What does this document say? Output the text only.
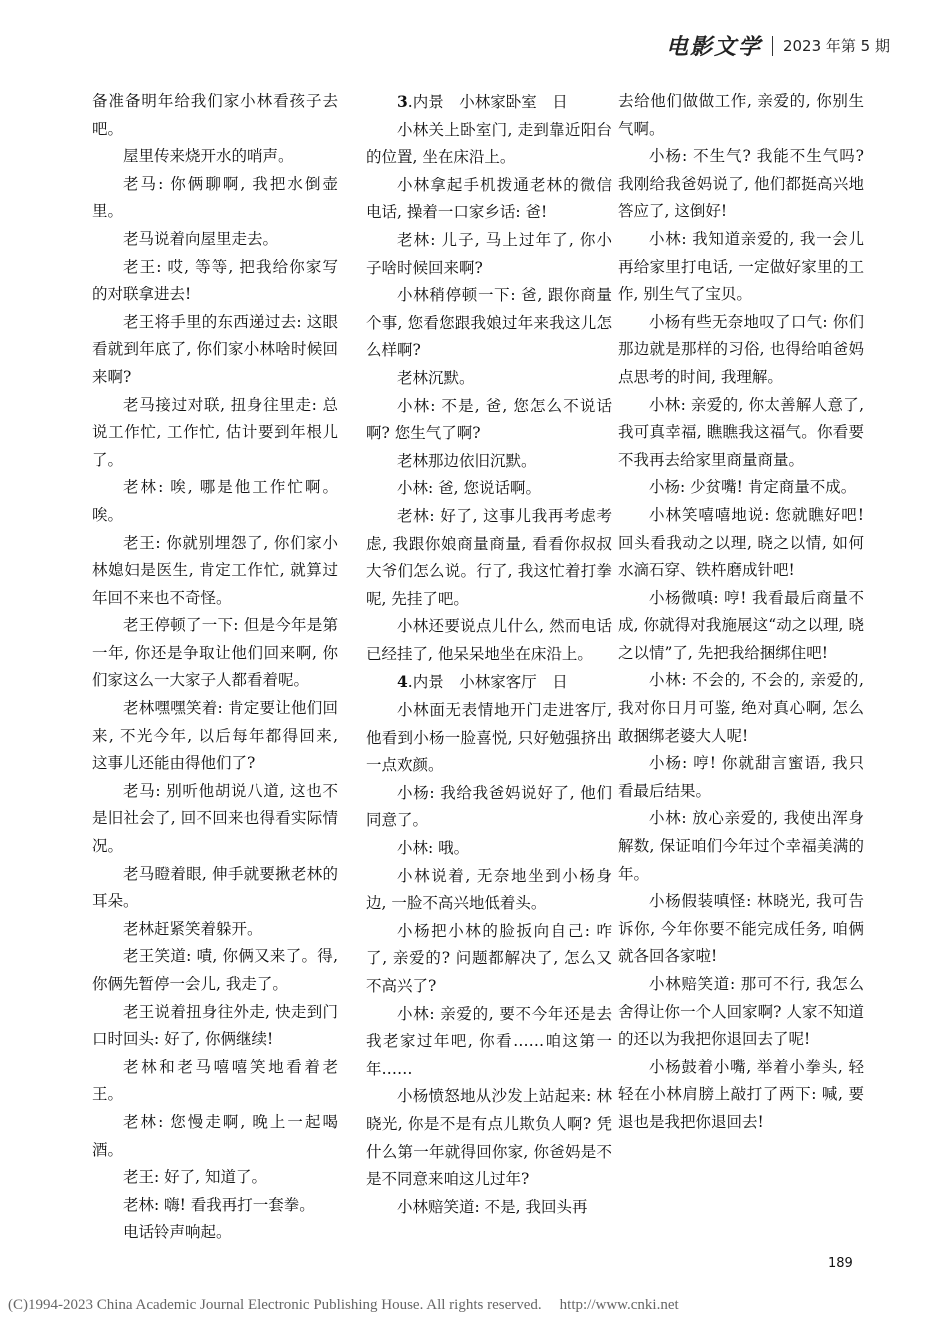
电影文学 2023 年第 5 期

备准备明年给我们家小林看孩子去吧。

屋里传来烧开水的哨声。

老马: 你俩聊啊, 我把水倒壶里。

老马说着向屋里走去。

老王: 哎, 等等, 把我给你家写的对联拿进去!

老王将手里的东西递过去: 这眼看就到年底了, 你们家小林啥时候回来啊?

老马接过对联, 扭身往里走: 总说工作忙, 工作忙, 估计要到年根儿了。

老林: 唉, 哪是他工作忙啊。唉。

老王: 你就别埋怨了, 你们家小林媳妇是医生, 肯定工作忙, 就算过年回不来也不奇怪。

老王停顿了一下: 但是今年是第一年, 你还是争取让他们回来啊, 你们家这么一大家子人都看着呢。

老林嘿嘿笑着: 肯定要让他们回来, 不光今年, 以后每年都得回来, 这事儿还能由得他们了?

老马: 别听他胡说八道, 这也不是旧社会了, 回不回来也得看实际情况。

老马瞪着眼, 伸手就要揪老林的耳朵。

老林赶紧笑着躲开。

老王笑道: 嘖, 你俩又来了。得, 你俩先暂停一会儿, 我走了。

老王说着扭身往外走, 快走到门口时回头: 好了, 你俩继续!

老林和老马嘻嘻笑地看着老王。

老林: 您慢走啊, 晚上一起喝酒。

老王: 好了, 知道了。

老林: 嗨! 看我再打一套拳。

电话铃声响起。

3.内景　小林家卧室　日

小林关上卧室门, 走到靠近阳台的位置, 坐在床沿上。

小林拿起手机拨通老林的微信电话, 操着一口家乡话: 爸!

老林: 儿子, 马上过年了, 你小子啥时候回来啊?

小林稍停顿一下: 爸, 跟你商量个事, 您看您跟我娘过年来我这儿怎么样啊?

老林沉默。

小林: 不是, 爸, 您怎么不说话啊? 您生气了啊?

老林那边依旧沉默。

小林: 爸, 您说话啊。

老林: 好了, 这事儿我再考虑考虑, 我跟你娘商量商量, 看看你叔叔大爷们怎么说。行了, 我这忙着打拳呢, 先挂了吧。

小林还要说点儿什么, 然而电话已经挂了, 他呆呆地坐在床沿上。

4.内景　小林家客厅　日

小林面无表情地开门走进客厅, 他看到小杨一脸喜悦, 只好勉强挤出一点欢颜。

小杨: 我给我爸妈说好了, 他们同意了。

小林: 哦。

小林说着, 无奈地坐到小杨身边, 一脸不高兴地低着头。

小杨把小林的脸扳向自己: 咋了, 亲爱的? 问题都解决了, 怎么又不高兴了?

小林: 亲爱的, 要不今年还是去我老家过年吧, 你看……咱这第一年……

小杨愤怒地从沙发上站起来: 林晓光, 你是不是有点儿欺负人啊? 凭什么第一年就得回你家, 你爸妈是不是不同意来咱这儿过年?

小林赔笑道: 不是, 我回头再

去给他们做做工作, 亲爱的, 你别生气啊。

小杨: 不生气? 我能不生气吗? 我刚给我爸妈说了, 他们都挺高兴地答应了, 这倒好!

小林: 我知道亲爱的, 我一会儿再给家里打电话, 一定做好家里的工作, 别生气了宝贝。

小杨有些无奈地叹了口气: 你们那边就是那样的习俗, 也得给咱爸妈点思考的时间, 我理解。

小林: 亲爱的, 你太善解人意了, 我可真幸福, 瞧瞧我这福气。你看要不我再去给家里商量商量。

小杨: 少贫嘴! 肯定商量不成。

小林笑嘻嘻地说: 您就瞧好吧! 回头看我动之以理, 晓之以情, 如何水滴石穿、铁杵磨成针吧!

小杨微嗔: 哼! 我看最后商量不成, 你就得对我施展这“动之以理, 晓之以情”了, 先把我给捆绑住吧!

小林: 不会的, 不会的, 亲爱的, 我对你日月可鉴, 绝对真心啊, 怎么敢捆绑老婆大人呢!

小杨: 哼! 你就甜言蜜语, 我只看最后结果。

小林: 放心亲爱的, 我使出浑身解数, 保证咱们今年过个幸福美满的年。

小杨假装嗔怪: 林晓光, 我可告诉你, 今年你要不能完成任务, 咱俩就各回各家啦!

小林赔笑道: 那可不行, 我怎么舍得让你一个人回家啊? 人家不知道的还以为我把你退回去了呢!

小杨鼓着小嘴, 举着小拳头, 轻轻在小林肩膀上敲打了两下: 喊, 要退也是我把你退回去!

189
(C)1994-2023 China Academic Journal Electronic Publishing House. All rights reserved. http://www.cnki.net
